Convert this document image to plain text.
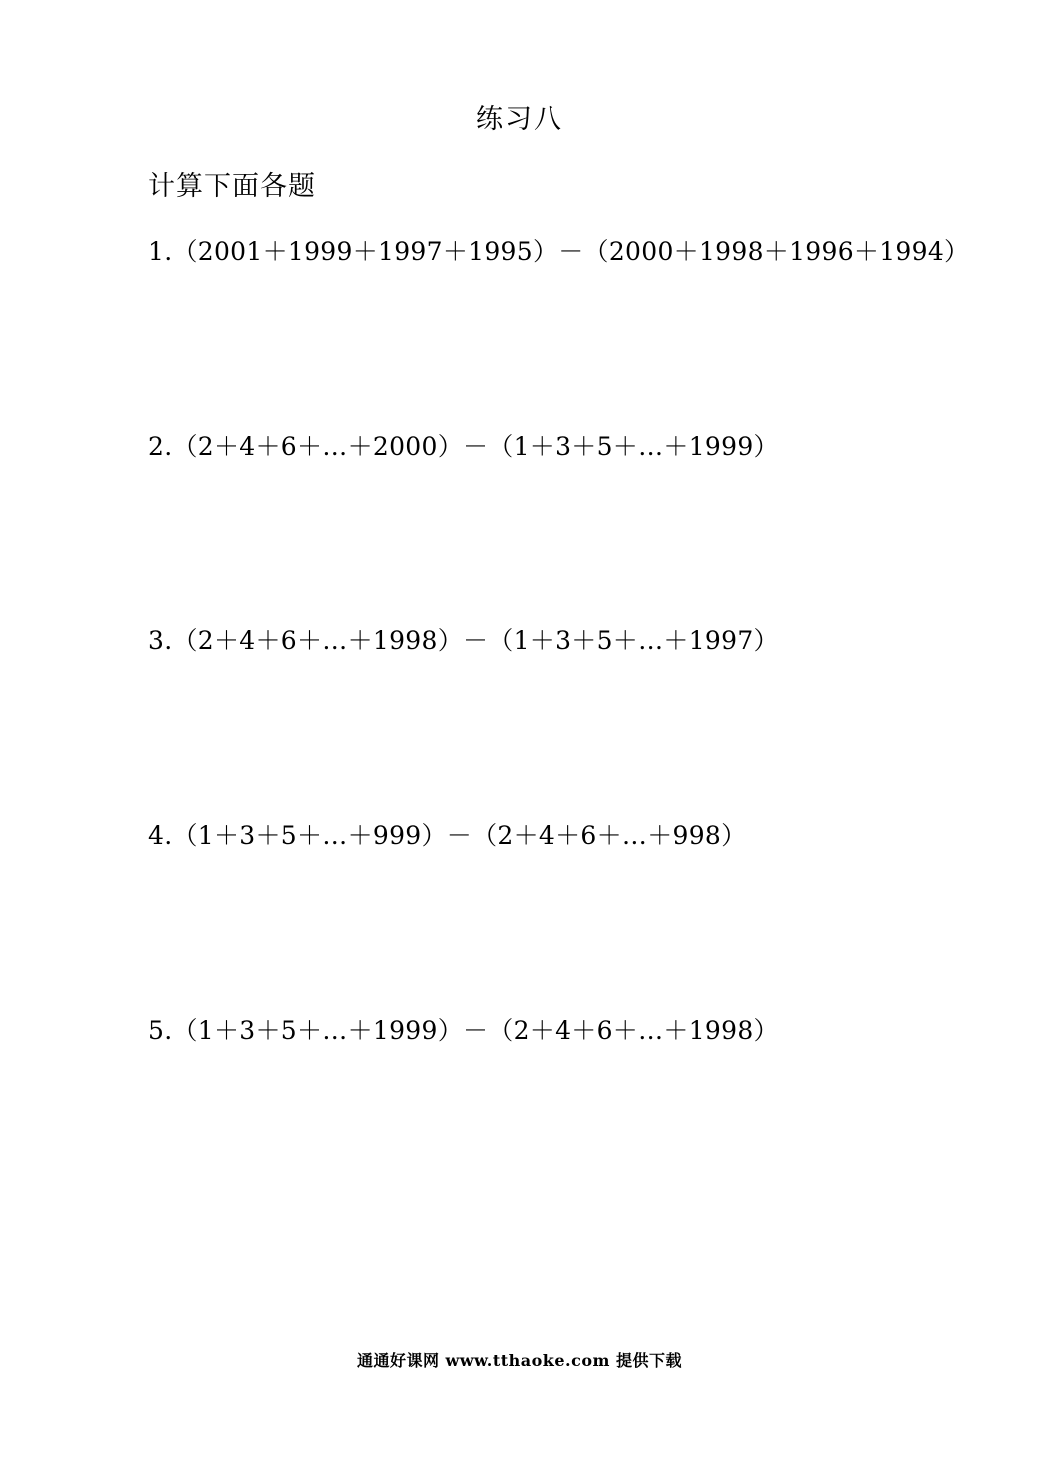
练习八
计算下面各题
1.（2001＋1999＋1997＋1995）－（2000＋1998＋1996＋1994）
2.（2＋4＋6＋…＋2000）－（1＋3＋5＋…＋1999）
3.（2＋4＋6＋…＋1998）－（1＋3＋5＋…＋1997）
4.（1＋3＋5＋…＋999）－（2＋4＋6＋…＋998）
5.（1＋3＋5＋…＋1999）－（2＋4＋6＋…＋1998）
通通好课网 www.tthaoke.com 提供下载
